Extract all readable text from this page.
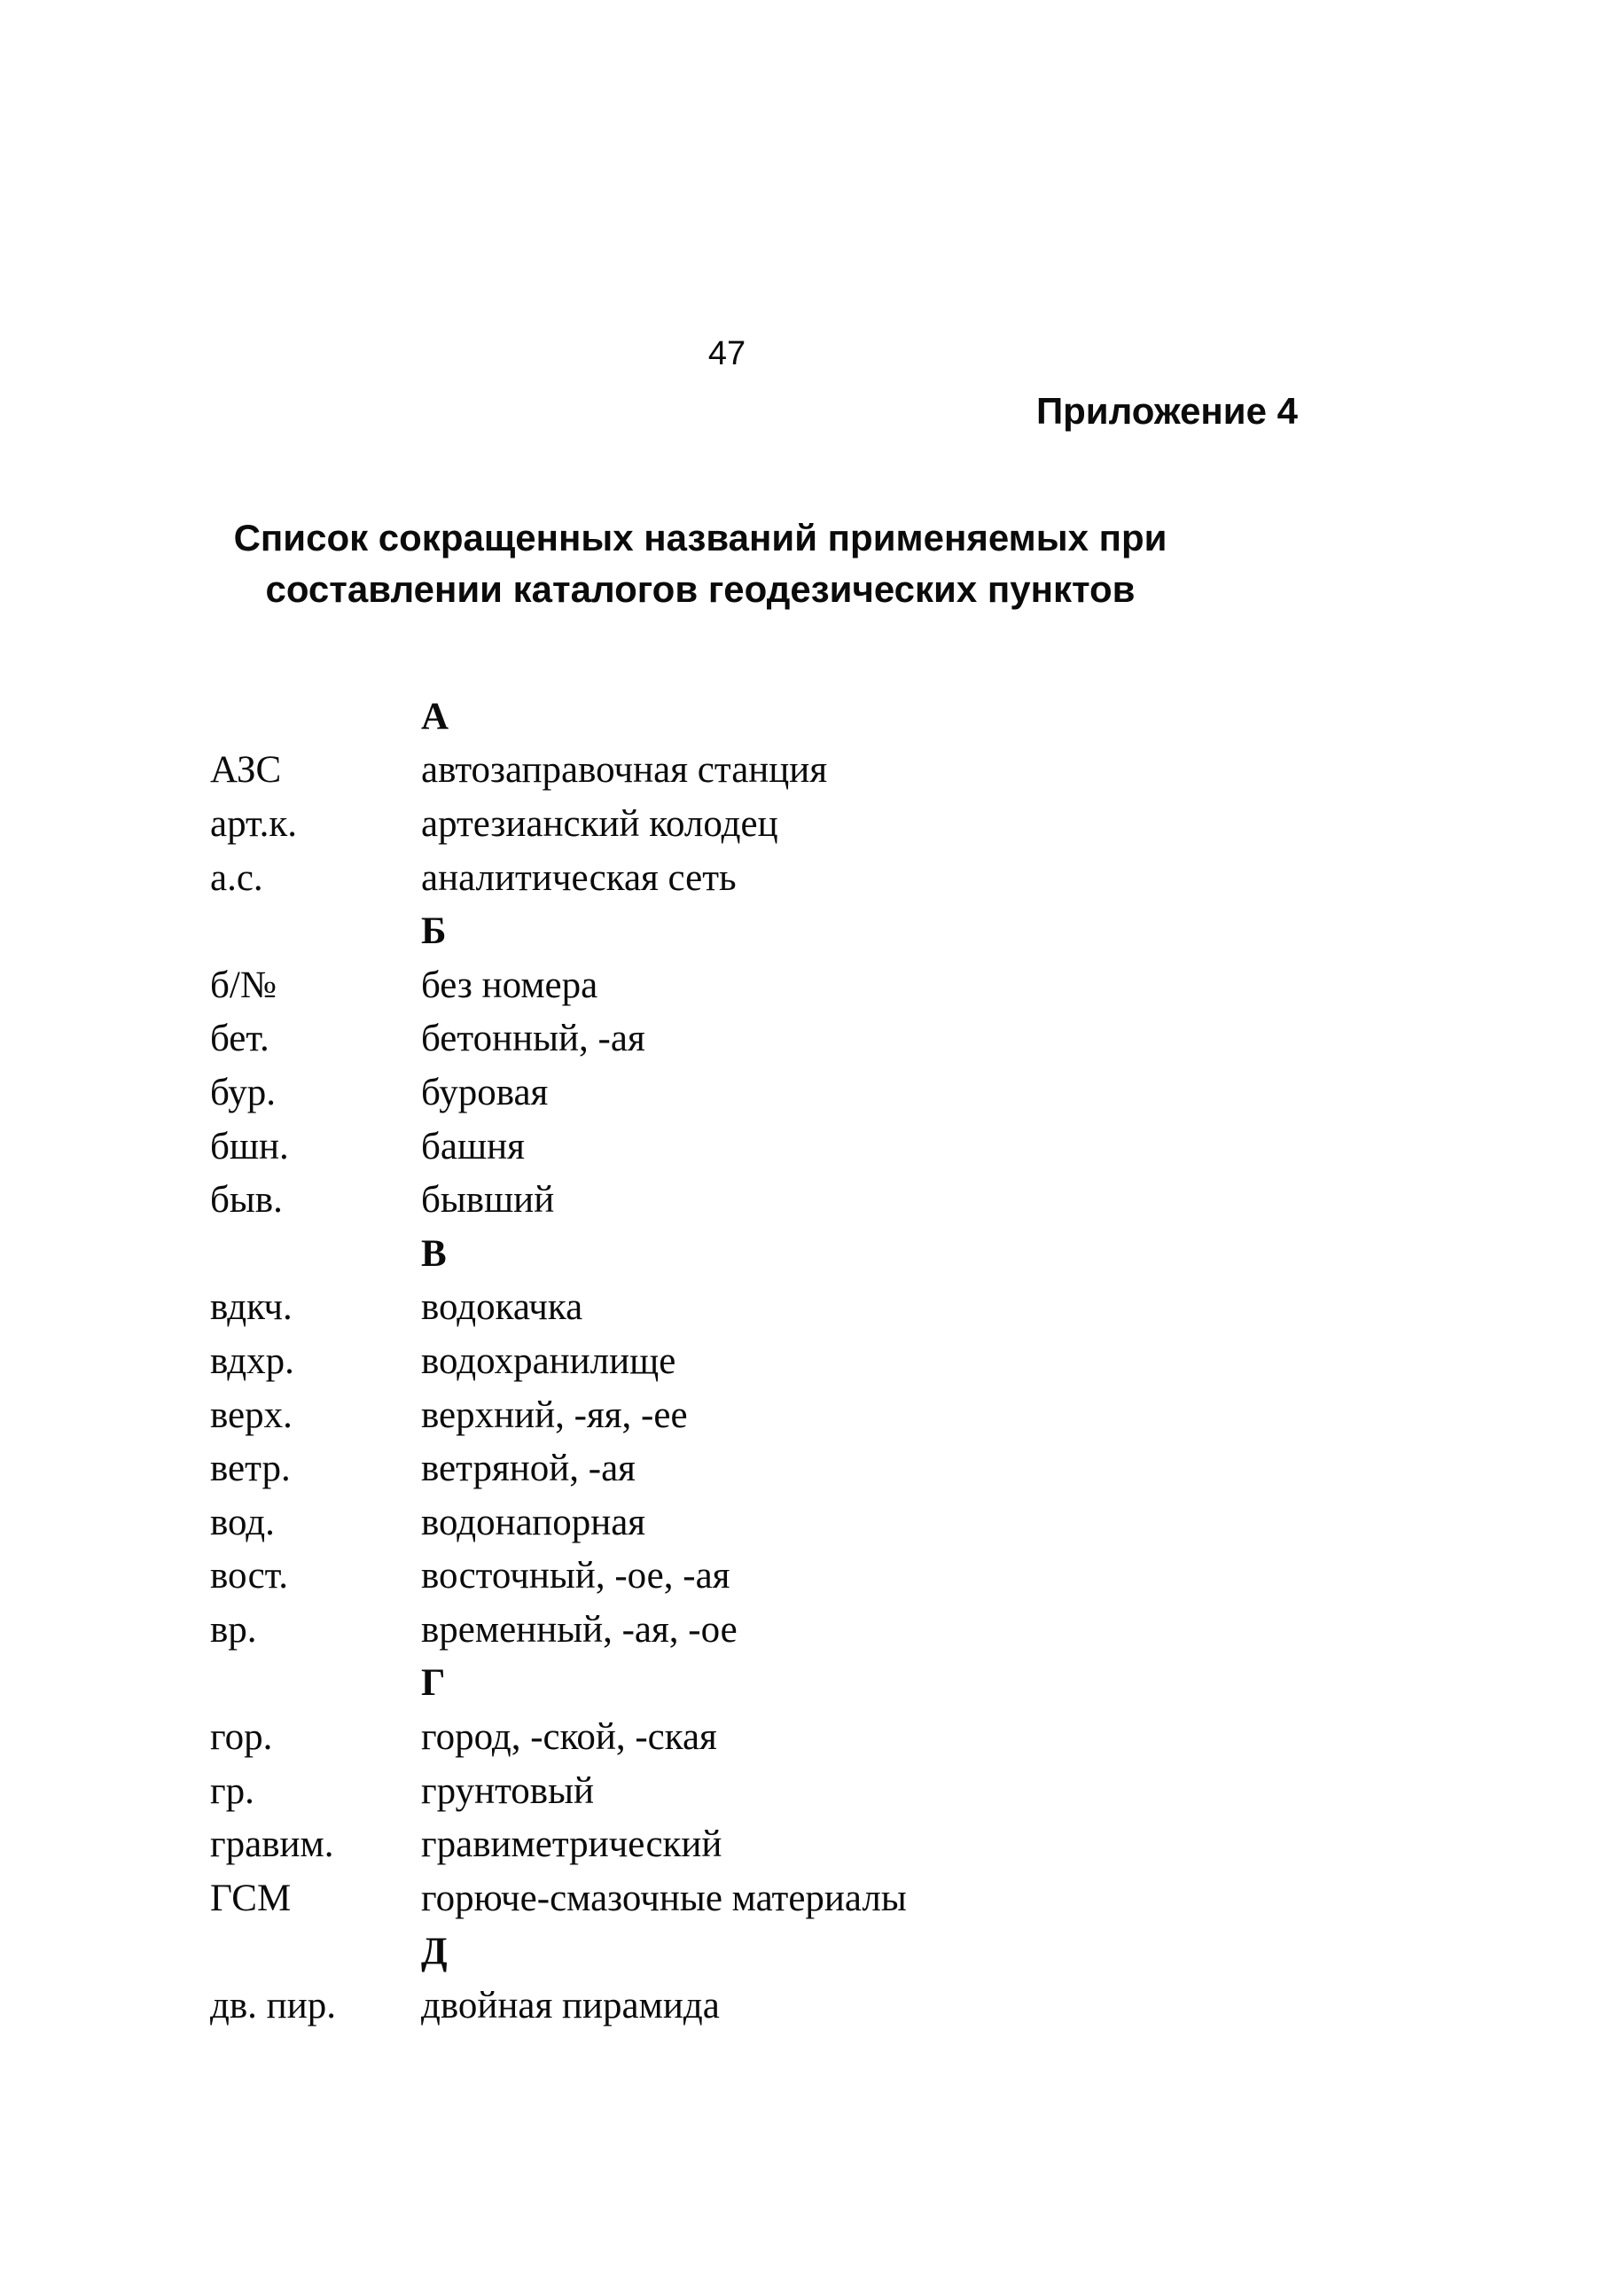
47
Приложение 4
Список сокращенных названий применяемых при
составлении каталогов геодезических пунктов
А
АЗС	автозаправочная станция
арт.к.	артезианский колодец
а.с.	аналитическая сеть
Б
б/№	без номера
бет.	бетонный, -ая
бур.	буровая
бшн.	башня
быв.	бывший
В
вдкч.	водокачка
вдхр.	водохранилище
верх.	верхний, -яя, -ее
ветр.	ветряной, -ая
вод.	водонапорная
вост.	восточный, -ое, -ая
вр.	временный, -ая, -ое
Г
гор.	город, -ской, -ская
гр.	грунтовый
гравим.	гравиметрический
ГСМ	горюче-смазочные материалы
Д
дв. пир.	двойная пирамида
